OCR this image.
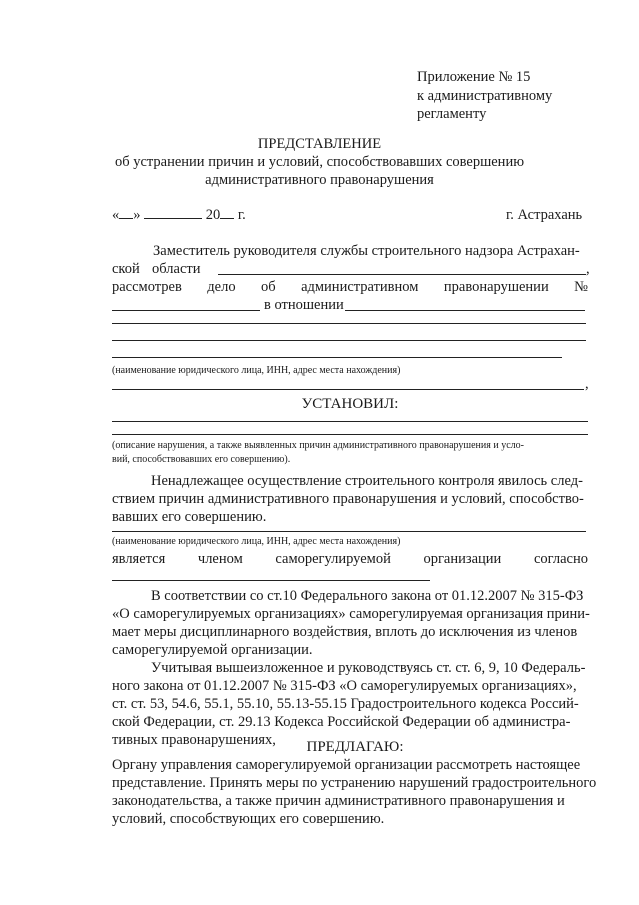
Приложение № 15
к административному
регламенту
ПРЕДСТАВЛЕНИЕ
об устранении причин и условий, способствовавших совершению
административного правонарушения
« »	20 г.	г. Астрахань
Заместитель руководителя службы строительного надзора Астрахан-
ской области	,
рассмотрев дело об административном правонарушении №
в отношении
(наименование юридического лица, ИНН, адрес места нахождения)
,
УСТАНОВИЛ:
(описание нарушения, а также выявленных причин административного правонарушения и усло-
вий, способствовавших его совершению).
Ненадлежащее осуществление строительного контроля явилось след-
ствием причин административного правонарушения и условий, способство-
вавших его совершению.
(наименование юридического лица, ИНН, адрес места нахождения)
является членом саморегулируемой организации согласно
В соответствии со ст.10 Федерального закона от 01.12.2007 № 315-ФЗ
«О саморегулируемых организациях» саморегулируемая организация прини-
мает меры дисциплинарного воздействия, вплоть до исключения из членов
саморегулируемой организации.
Учитывая вышеизложенное и руководствуясь ст. ст. 6, 9, 10 Федераль-
ного закона от 01.12.2007 № 315-ФЗ «О саморегулируемых организациях»,
ст. ст. 53, 54.6, 55.1, 55.10, 55.13-55.15 Градостроительного кодекса Россий-
ской Федерации, ст. 29.13 Кодекса Российской Федерации об администра-
тивных правонарушениях,	ПРЕДЛАГАЮ:
Органу управления саморегулируемой организации рассмотреть настоящее
представление. Принять меры по устранению нарушений градостроительного
законодательства, а также причин административного правонарушения и
условий, способствующих его совершению.
